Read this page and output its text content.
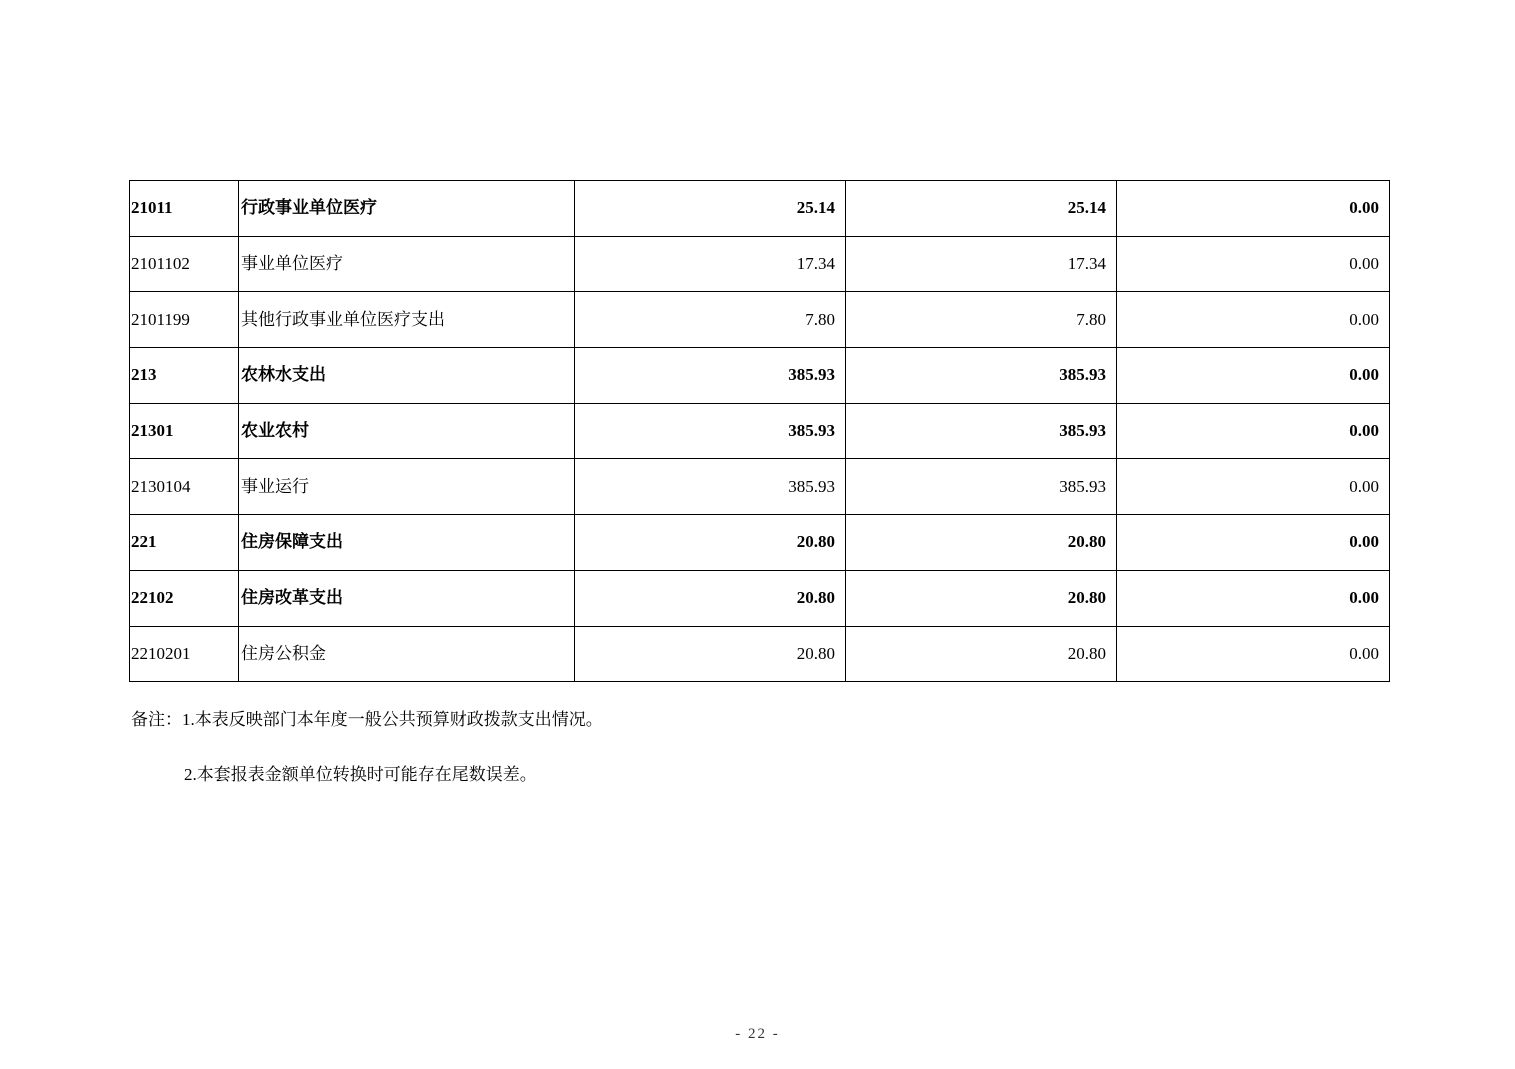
21011	行政事业单位医疗	25.14	25.14	0.00
2101102	事业单位医疗	17.34	17.34	0.00
2101199	其他行政事业单位医疗支出	7.80	7.80	0.00
213	农林水支出	385.93	385.93	0.00
21301	农业农村	385.93	385.93	0.00
2130104	事业运行	385.93	385.93	0.00
221	住房保障支出	20.80	20.80	0.00
22102	住房改革支出	20.80	20.80	0.00
2210201	住房公积金	20.80	20.80	0.00
备注：1.本表反映部门本年度一般公共预算财政拨款支出情况。
2.本套报表金额单位转换时可能存在尾数误差。
- 22 -
